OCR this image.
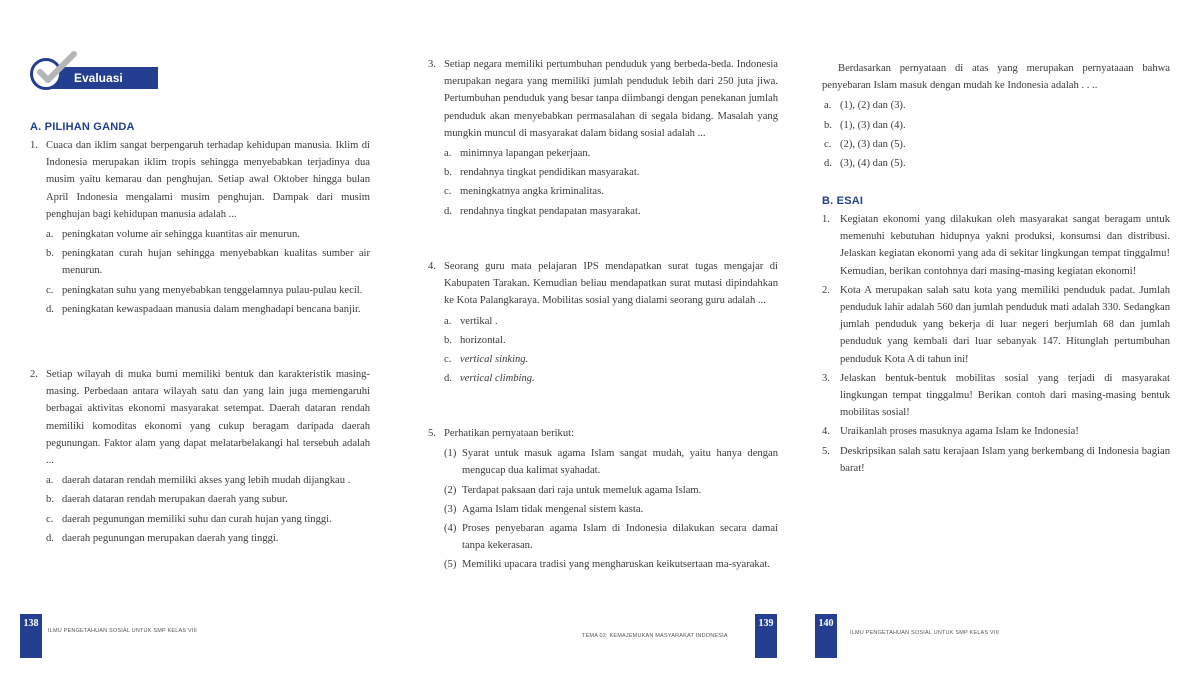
Evaluasi
A. PILIHAN GANDA
1. Cuaca dan iklim sangat berpengaruh terhadap kehidupan manusia. Iklim di Indonesia merupakan iklim tropis sehingga menyebabkan terjadinya dua musim yaitu kemarau dan penghujan. Setiap awal Oktober hingga bulan April Indonesia mengalami musim penghujan. Dampak dari musim penghujan bagi kehidupan manusia adalah ...
a. peningkatan volume air sehingga kuantitas air menurun.
b. peningkatan curah hujan sehingga menyebabkan kualitas sumber air menurun.
c. peningkatan suhu yang menyebabkan tenggelamnya pulau-pulau kecil.
d. peningkatan kewaspadaan manusia dalam menghadapi bencana banjir.
2. Setiap wilayah di muka bumi memiliki bentuk dan karakteristik masing-masing. Perbedaan antara wilayah satu dan yang lain juga memengaruhi berbagai aktivitas ekonomi masyarakat setempat. Daerah dataran rendah memiliki komoditas ekonomi yang cukup beragam daripada daerah pegunungan. Faktor alam yang dapat melatarbelakangi hal tersebuh adalah ...
a. daerah dataran rendah memiliki akses yang lebih mudah dijangkau .
b. daerah dataran rendah merupakan daerah yang subur.
c. daerah pegunungan memiliki suhu dan curah hujan yang tinggi.
d. daerah pegunungan merupakan daerah yang tinggi.
138
ILMU PENGETAHUAN SOSIAL UNTUK SMP KELAS VIII
3. Setiap negara memiliki pertumbuhan penduduk yang berbeda-beda. Indonesia merupakan negara yang memiliki jumlah penduduk lebih dari 250 juta jiwa. Pertumbuhan penduduk yang besar tanpa diimbangi dengan penekanan jumlah penduduk akan menyebabkan permasalahan di segala bidang. Masalah yang mungkin muncul di masyarakat dalam bidang sosial adalah ...
a. minimnya lapangan pekerjaan.
b. rendahnya tingkat pendidikan masyarakat.
c. meningkatnya angka kriminalitas.
d. rendahnya tingkat pendapatan masyarakat.
4. Seorang guru mata pelajaran IPS mendapatkan surat tugas mengajar di Kabupaten Tarakan. Kemudian beliau mendapatkan surat mutasi dipindahkan ke Kota Palangkaraya. Mobilitas sosial yang dialami seorang guru adalah ...
a. vertikal .
b. horizontal.
c. vertical sinking.
d. vertical climbing.
5. Perhatikan pernyataan berikut:
(1) Syarat untuk masuk agama Islam sangat mudah, yaitu hanya dengan mengucap dua kalimat syahadat.
(2) Terdapat paksaan dari raja untuk memeluk agama Islam.
(3) Agama Islam tidak mengenal sistem kasta.
(4) Proses penyebaran agama Islam di Indonesia dilakukan secara damai tanpa kekerasan.
(5) Memiliki upacara tradisi yang mengharuskan keikutsertaan ma-syarakat.
TEMA 02: KEMAJEMUKAN MASYARAKAT INDONESIA
139
Berdasarkan pernyataan di atas yang merupakan pernyataaan bahwa penyebaran Islam masuk dengan mudah ke Indonesia adalah . . ..
a. (1), (2) dan (3).
b. (1), (3) dan (4).
c. (2), (3) dan (5).
d. (3), (4) dan (5).
B. ESAI
1. Kegiatan ekonomi yang dilakukan oleh masyarakat sangat beragam untuk memenuhi kebutuhan hidupnya yakni produksi, konsumsi dan distribusi. Jelaskan kegiatan ekonomi yang ada di sekitar lingkungan tempat tinggalmu! Kemudian, berikan contohnya dari masing-masing kegiatan ekonomi!
2. Kota A merupakan salah satu kota yang memiliki penduduk padat. Jumlah penduduk lahir adalah 560 dan jumlah penduduk mati adalah 330. Sedangkan jumlah penduduk yang bekerja di luar negeri berjumlah 68 dan jumlah penduduk yang kembali dari luar sebanyak 147. Hitunglah pertumbuhan penduduk Kota A di tahun ini!
3. Jelaskan bentuk-bentuk mobilitas sosial yang terjadi di masyarakat lingkungan tempat tinggalmu! Berikan contoh dari masing-masing bentuk mobilitas sosial!
4. Uraikanlah proses masuknya agama Islam ke Indonesia!
5. Deskripsikan salah satu kerajaan Islam yang berkembang di Indonesia bagian barat!
140
ILMU PENGETAHUAN SOSIAL UNTUK SMP KELAS VIII
